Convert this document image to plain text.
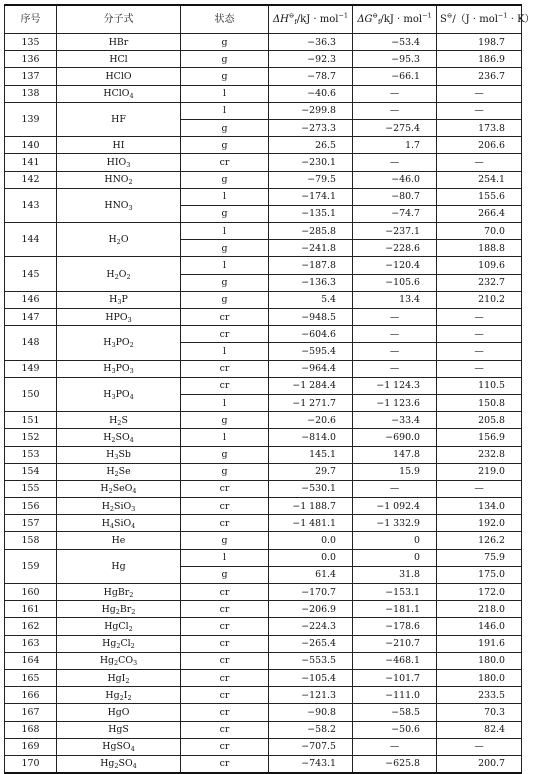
序号	分子式	状态	$\Delta H^⊖_f/kJ \cdot mol^{-1}$	$\Delta G^⊖_f/kJ \cdot mol^{-1}$	S⊖/（J · mol$^{-1}$ · K）
135	HBr	g	−36.3	−53.4	198.7
136	HCl	g	−92.3	−95.3	186.9
137	HClO	g	−78.7	−66.1	236.7
138	HClO$_4$	l	−40.6	—	—
139	HF	l	−299.8	—	—
		g	−273.3	−275.4	173.8
140	HI	g	26.5	1.7	206.6
141	$HIO_3$	cr	−230.1	—	—
142	$HNO_2$	g	−79.5	−46.0	254.1
143	$HNO_3$	l	−174.1	−80.7	155.6
		g	−135.1	−74.7	266.4
144	$H_2O$	l	−285.8	−237.1	70.0
		g	−241.8	−228.6	188.8
145	$H_2O_2$	l	−187.8	−120.4	109.6
		g	−136.3	−105.6	232.7
146	$H_3P$	g	5.4	13.4	210.2
147	$HPO_3$	cr	−948.5	—	—
148	$H_3PO_2$	cr	−604.6	—	—
		l	−595.4	—	—
149	$H_3PO_3$	cr	−964.4	—	—
150	$H_3PO_4$	cr	−1 284.4	−1 124.3	110.5
		l	−1 271.7	−1 123.6	150.8
151	$H_2S$	g	−20.6	−33.4	205.8
152	$H_2SO_4$	l	−814.0	−690.0	156.9
153	$H_3Sb$	g	145.1	147.8	232.8
154	$H_2Se$	g	29.7	15.9	219.0
155	$H_2SeO_4$	cr	−530.1	—	—
156	$H_2SiO_3$	cr	−1 188.7	−1 092.4	134.0
157	$H_4SiO_4$	cr	−1 481.1	−1 332.9	192.0
158	He	g	0.0	0	126.2
159	Hg	l	0.0	0	75.9
		g	61.4	31.8	175.0
160	HgBr$_2$	cr	−170.7	−153.1	172.0
161	$Hg_2Br_2$	cr	−206.9	−181.1	218.0
162	HgCl$_2$	cr	−224.3	−178.6	146.0
163	$Hg_2Cl_2$	cr	−265.4	−210.7	191.6
164	$Hg_2CO_3$	cr	−553.5	−468.1	180.0
165	HgI$_2$	cr	−105.4	−101.7	180.0
166	$Hg_2I_2$	cr	−121.3	−111.0	233.5
167	HgO	cr	−90.8	−58.5	70.3
168	HgS	cr	−58.2	−50.6	82.4
169	HgSO$_4$	cr	−707.5	—	—
170	$Hg_2SO_4$	cr	−743.1	−625.8	200.7
